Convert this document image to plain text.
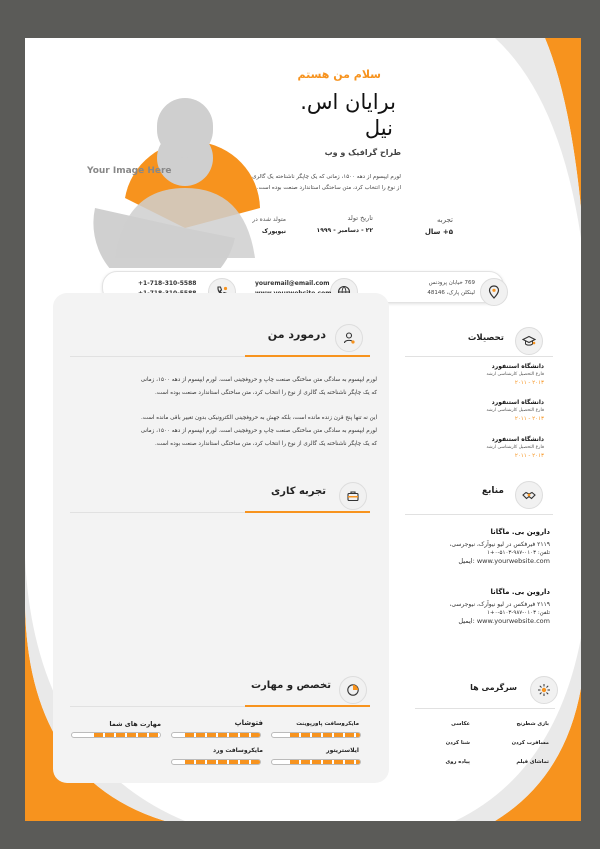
Your Image Here
سلام من هستم
برایان اس.
نیل
طراح گرافیک و وب
لورم ایپسوم از دهه ۱۵۰۰، زمانی که یک چاپگر ناشناخته یک گالری
از نوع را انتخاب کرد، متن ساختگی استاندارد صنعت بوده است.
تجربه
۵+ سال
تاریخ تولد
۲۲ - دسامبر - ۱۹۹۹
متولد شده در
نیویورک
769 خیابان پرودنس
لینکلن پارک، 48146
youremail@email.com
+1-718-310-5588
درمورد من
لورم ایپسوم به سادگی متن ساختگی صنعت چاپ و حروفچینی است. لورم ایپسوم از دهه ۱۵۰۰، زمانی
که یک چاپگر ناشناخته یک گالری از نوع را انتخاب کرد، متن ساختگی استاندارد صنعت بوده است.
این نه تنها پنج قرن زنده مانده است، بلکه جهش به حروفچینی الکترونیکی بدون تغییر باقی مانده است.
لورم ایپسوم به سادگی متن ساختگی صنعت چاپ و حروفچینی است. لورم ایپسوم از دهه ۱۵۰۰، زمانی
که یک چاپگر ناشناخته یک گالری از نوع را انتخاب کرد، متن ساختگی استاندارد صنعت بوده است.
تجربه کاری
تخصص و مهارت
مایکروسافت پاورپوینت
فتوشاپ
مهارت های شما
ایلاستریتور
مایکروسافت ورد
تحصیلات
دانشگاه استنفورد
فارغ التحصیل کارشناسی ارشد
۲۰۱۳ - ۲۰۱۱
دانشگاه استنفورد
فارغ التحصیل کارشناسی ارشد
۲۰۱۳ - ۲۰۱۱
دانشگاه استنفورد
فارغ التحصیل کارشناسی ارشد
۲۰۱۳ - ۲۰۱۱
منابع
داروین بی. ماگانا
۲۱۱۹ فیرفکس در لیو نیوآرک، نیوجرسی،
تلفن: ۰۱۰۳-۹۸۷-۵۱۰۳-۰+۱
www.yourwebsite.com :ایمیل
داروین بی. ماگانا
۲۱۱۹ فیرفکس در لیو نیوآرک، نیوجرسی،
تلفن: ۰۱۰۳-۹۸۷-۵۱۰۳-۰+۱
www.yourwebsite.com :ایمیل
سرگرمی ها
بازی شطرنج
عکاسی
مسافرت کردن
شنا کردن
تماشای فیلم
پیاده روی
